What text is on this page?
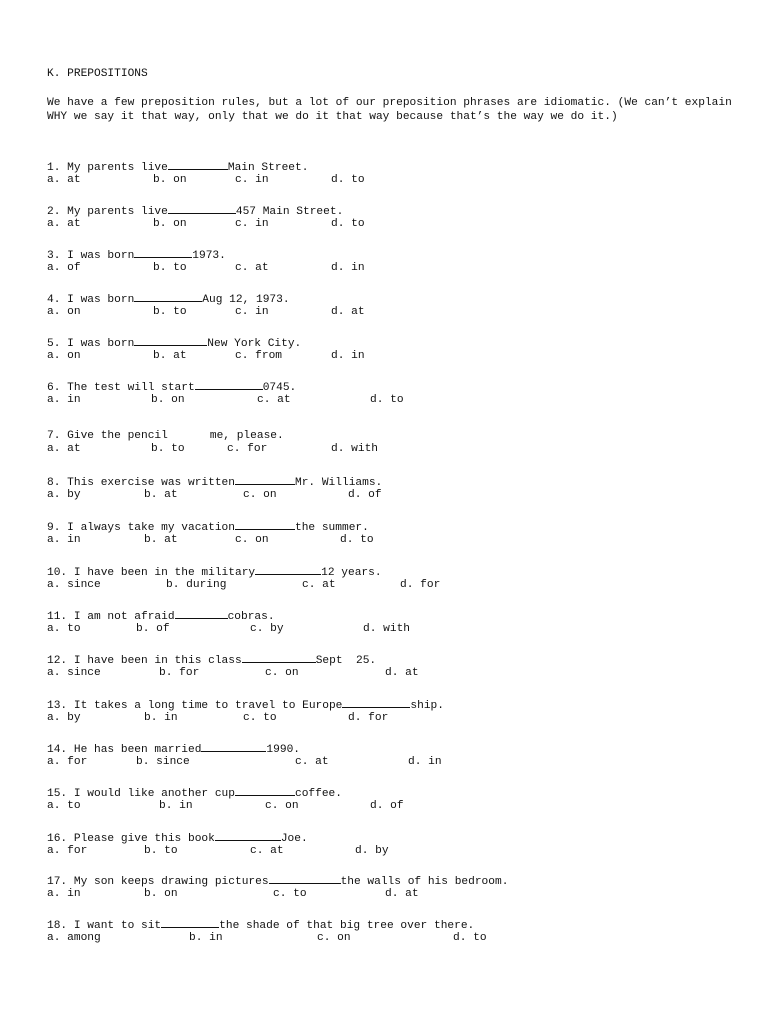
K. PREPOSITIONS

We have a few preposition rules, but a lot of our preposition phrases are idiomatic. (We can’t explain WHY we say it that way, only that we do it that way because that’s the way we do it.)

1. My parents live	Main Street.
a. at	b. on	c. in	d. to
2. My parents live	457 Main Street.
a. at	b. on	c. in	d. to
3. I was born	1973.
a. of	b. to	c. at	d. in
4. I was born	Aug 12, 1973.
a. on	b. to	c. in	d. at
5. I was born	New York City.
a. on	b. at	c. from	d. in
6. The test will start	0745.
a. in	b. on	c. at	d. to
7. Give the pencil	me, please.
a. at	b. to	c. for	d. with
8. This exercise was written	Mr. Williams.
a. by	b. at	c. on	d. of
9. I always take my vacation	the summer.
a. in	b. at	c. on	d. to
10. I have been in the military	12 years.
a. since	b. during	c. at	d. for
11. I am not afraid	cobras.
a. to	b. of	c. by	d. with
12. I have been in this class	Sept  25.
a. since	b. for	c. on	d. at
13. It takes a long time to travel to Europe	ship.
a. by	b. in	c. to	d. for
14. He has been married	1990.
a. for	b. since	c. at	d. in
15. I would like another cup	coffee.
a. to	b. in	c. on	d. of
16. Please give this book	Joe.
a. for	b. to	c. at	d. by
17. My son keeps drawing pictures	the walls of his bedroom.
a. in	b. on	c. to	d. at
18. I want to sit	the shade of that big tree over there.
a. among	b. in	c. on	d. to
